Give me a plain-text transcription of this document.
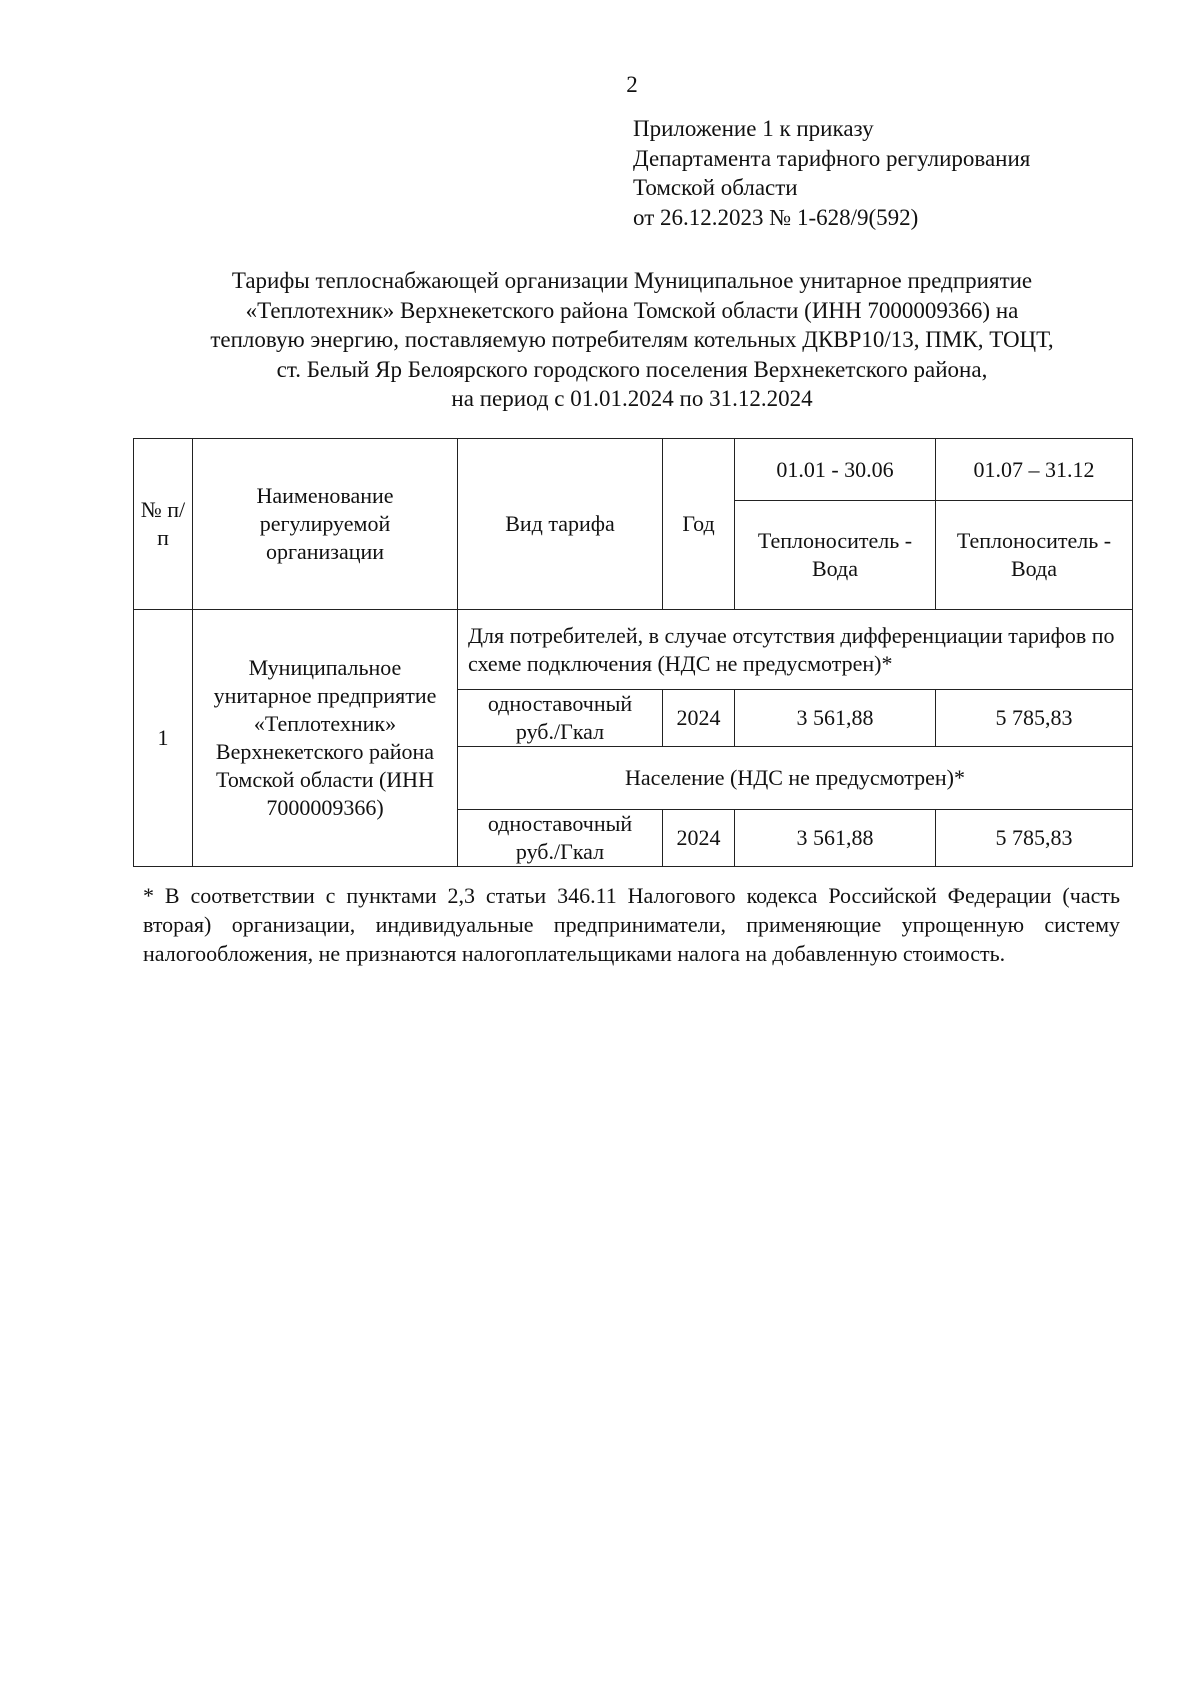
2
Приложение 1 к приказу
Департамента тарифного регулирования
Томской области
от 26.12.2023 № 1-628/9(592)
Тарифы теплоснабжающей организации Муниципальное унитарное предприятие
«Теплотехник» Верхнекетского района Томской области (ИНН 7000009366) на
тепловую энергию, поставляемую потребителям котельных ДКВР10/13, ПМК, ТОЦТ,
ст. Белый Яр Белоярского городского поселения Верхнекетского района,
на период с 01.01.2024 по 31.12.2024
№ п/п	Наименование регулируемой организации	Вид тарифа	Год	01.01 - 30.06	01.07 – 31.12
				Теплоноситель - Вода	Теплоноситель - Вода
1	Муниципальное унитарное предприятие «Теплотехник» Верхнекетского района Томской области (ИНН 7000009366)	Для потребителей, в случае отсутствия дифференциации тарифов по схеме подключения (НДС не предусмотрен)*			
		одноставочный руб./Гкал	2024	3 561,88	5 785,83
		Население (НДС не предусмотрен)*			
		одноставочный руб./Гкал	2024	3 561,88	5 785,83
* В соответствии с пунктами 2,3 статьи 346.11 Налогового кодекса Российской Федерации (часть вторая) организации, индивидуальные предприниматели, применяющие упрощенную систему налогообложения, не признаются налогоплательщиками налога на добавленную стоимость.
